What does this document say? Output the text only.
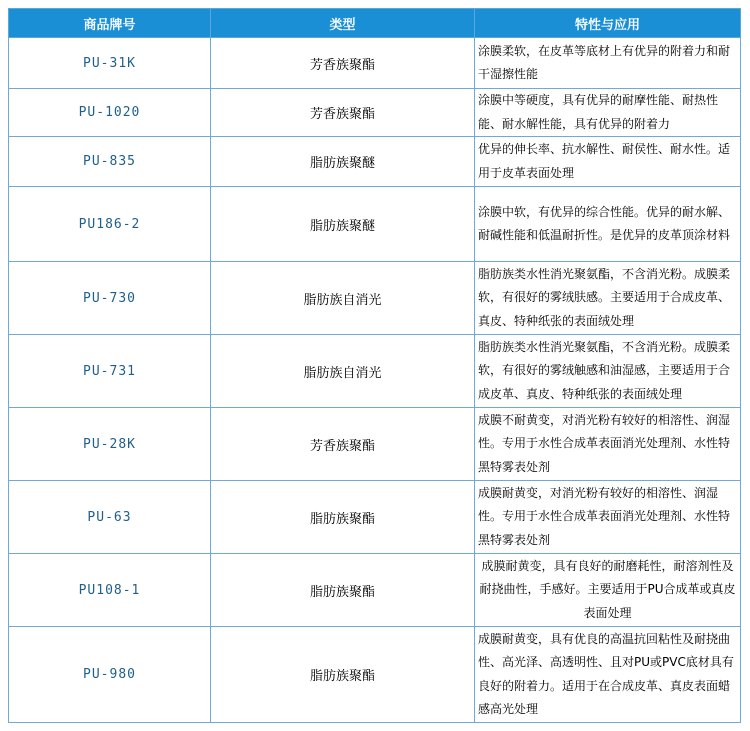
商品牌号	类型	特性与应用
PU-31K	芳香族聚酯	涂膜柔软，在皮革等底材上有优异的附着力和耐干湿擦性能
PU-1020	芳香族聚酯	涂膜中等硬度，具有优异的耐摩性能、耐热性能、耐水解性能，具有优异的附着力
PU-835	脂肪族聚醚	优异的伸长率、抗水解性、耐侯性、耐水性。适用于皮革表面处理
PU186-2	脂肪族聚醚	涂膜中软，有优异的综合性能。优异的耐水解、耐碱性能和低温耐折性。是优异的皮革顶涂材料
PU-730	脂肪族自消光	脂肪族类水性消光聚氨酯，不含消光粉。成膜柔软，有很好的雾绒肤感。主要适用于合成皮革、真皮、特种纸张的表面绒处理
PU-731	脂肪族自消光	脂肪族类水性消光聚氨酯，不含消光粉。成膜柔软，有很好的雾绒触感和油湿感，主要适用于合成皮革、真皮、特种纸张的表面绒处理
PU-28K	芳香族聚酯	成膜不耐黄变，对消光粉有较好的相溶性、润湿性。专用于水性合成革表面消光处理剂、水性特黑特雾表处剂
PU-63	脂肪族聚酯	成膜耐黄变，对消光粉有较好的相溶性、润湿性。专用于水性合成革表面消光处理剂、水性特黑特雾表处剂
PU108-1	脂肪族聚酯	成膜耐黄变，具有良好的耐磨耗性，耐溶剂性及耐挠曲性，手感好。主要适用于PU合成革或真皮表面处理
PU-980	脂肪族聚酯	成膜耐黄变，具有优良的高温抗回粘性及耐挠曲性、高光泽、高透明性、且对PU或PVC底材具有良好的附着力。适用于在合成皮革、真皮表面蜡感高光处理
